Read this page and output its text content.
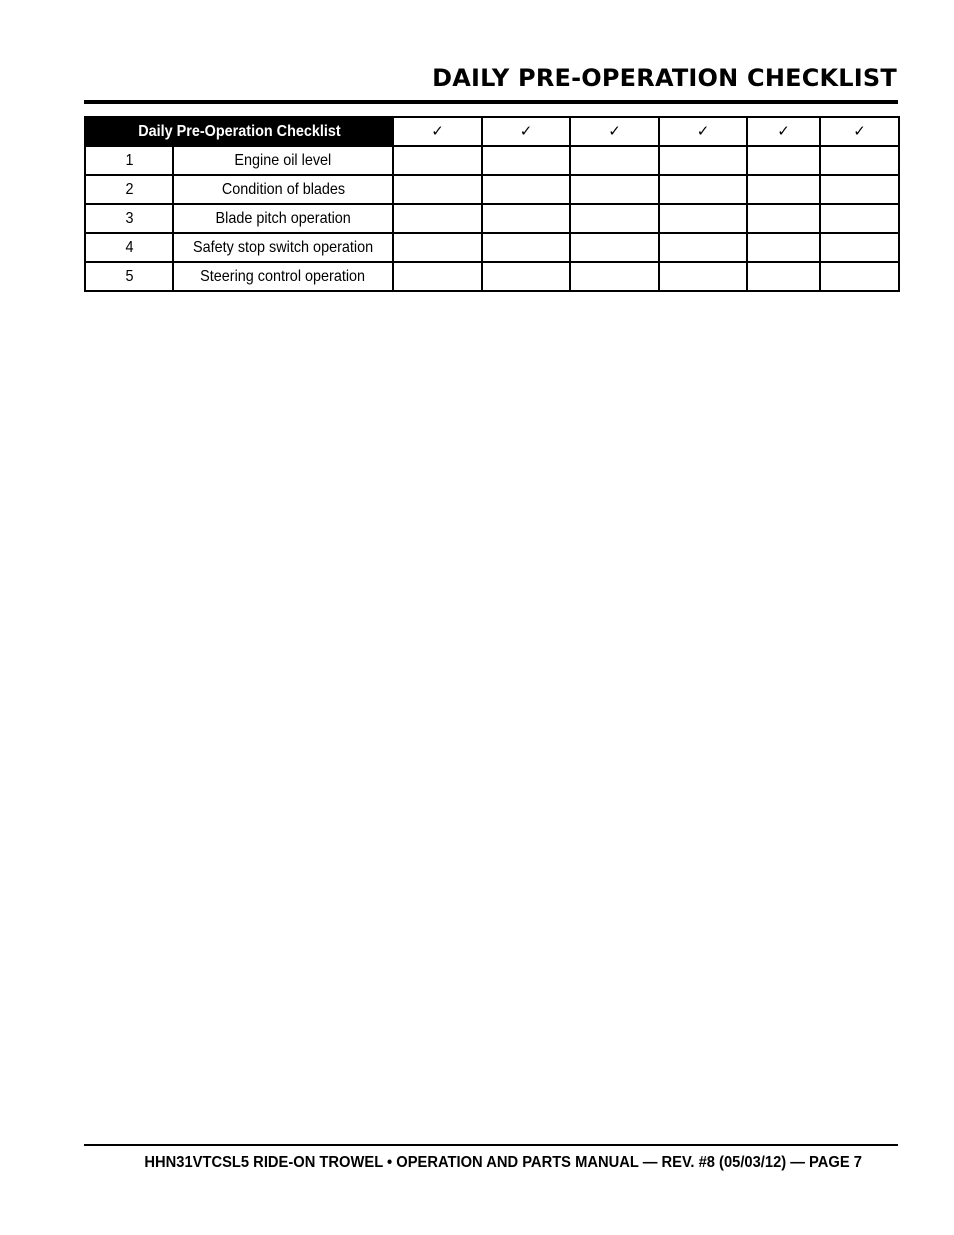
DAILY PRE-OPERATION CHECKLIST
Daily Pre-Operation Checklist		✓	✓	✓	✓	✓	✓
1	Engine oil level						
2	Condition of blades						
3	Blade pitch operation						
4	Safety stop switch operation						
5	Steering control operation						
HHN31VTCSL5 RIDE-ON TROWEL • OPERATION AND PARTS MANUAL — REV. #8 (05/03/12) — PAGE 7
